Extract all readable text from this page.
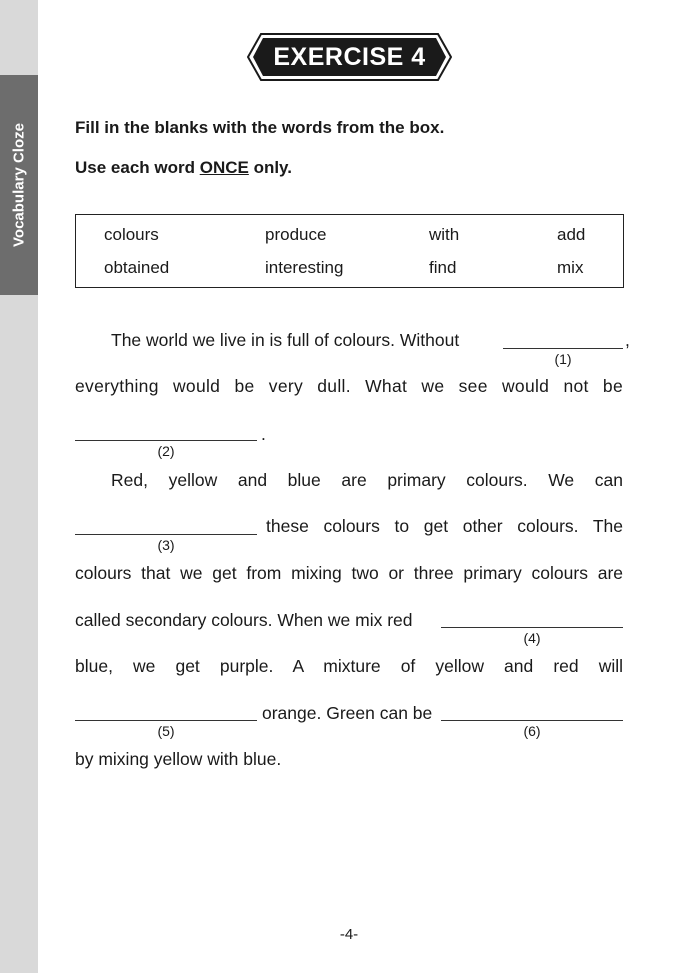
Vocabulary Cloze
EXERCISE 4
Fill in the blanks with the words from the box.
Use each word ONCE only.
colours	produce	with	add
obtained	interesting	find	mix
The world we live in is full of colours. Without	,
(1)
everything would be very dull. What we see would not be
.
(2)
Red, yellow and blue are primary colours. We can
these colours to get other colours. The
(3)
colours that we get from mixing two or three primary colours are
called secondary colours. When we mix red
(4)
blue, we get purple. A mixture of yellow and red will
orange. Green can be
(5)	(6)
by mixing yellow with blue.
-4-
